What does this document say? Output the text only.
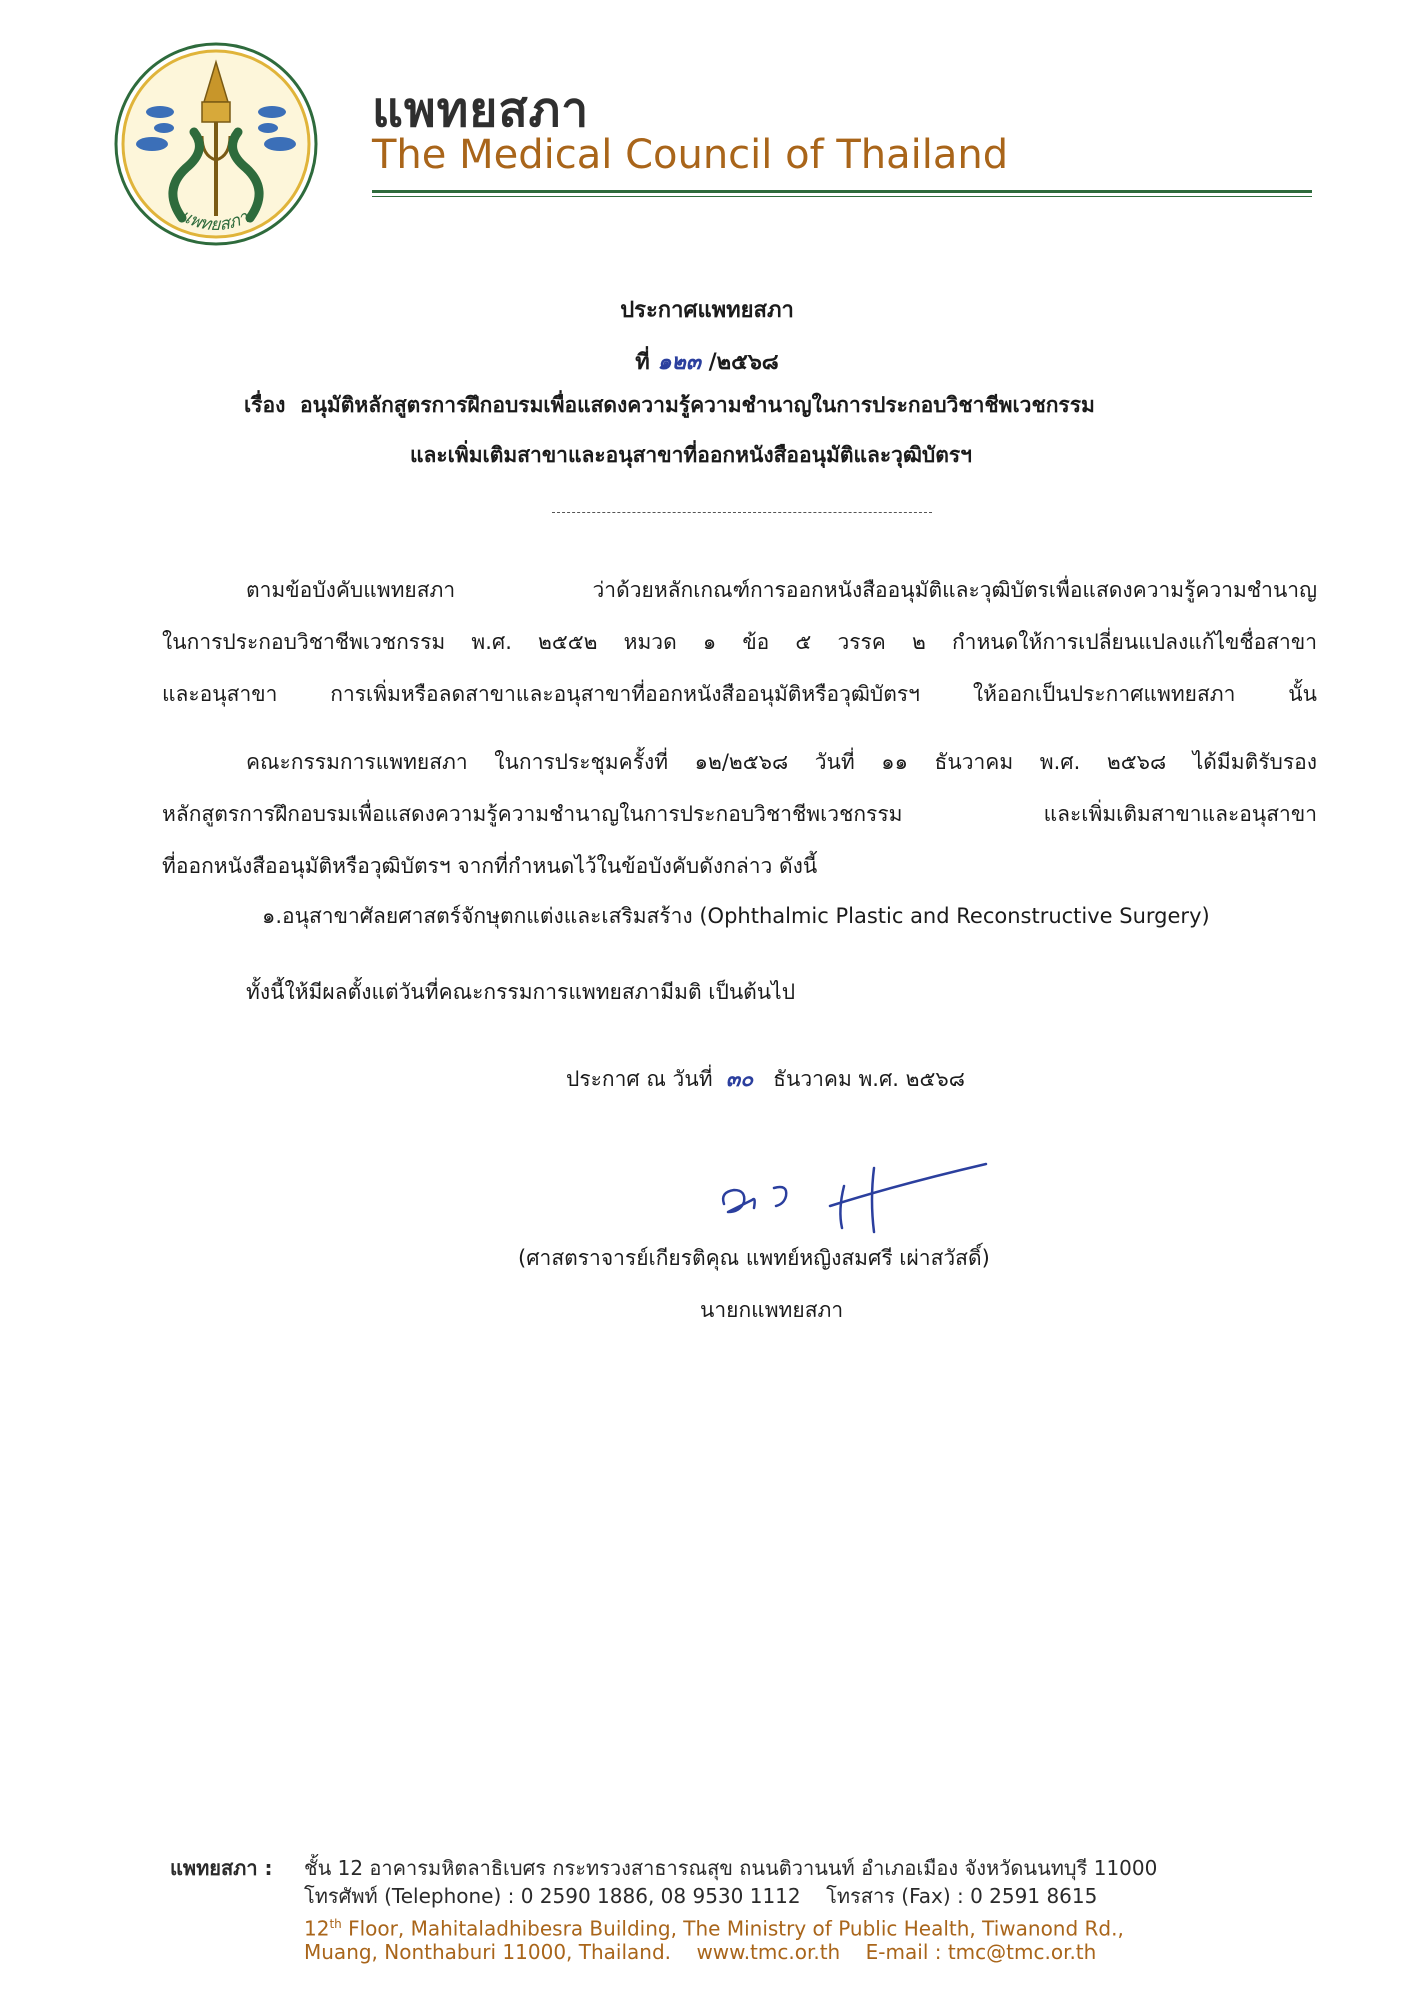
แพทยสภา
แพทยสภา
The Medical Council of Thailand
ประกาศแพทยสภา
ที่ ๑๒๓ /๒๕๖๘
เรื่อง อนุมัติหลักสูตรการฝึกอบรมเพื่อแสดงความรู้ความชำนาญในการประกอบวิชาชีพเวชกรรม
และเพิ่มเติมสาขาและอนุสาขาที่ออกหนังสืออนุมัติและวุฒิบัตรฯ
ตามข้อบังคับแพทยสภา ว่าด้วยหลักเกณฑ์การออกหนังสืออนุมัติและวุฒิบัตรเพื่อแสดงความรู้ความชำนาญ
ในการประกอบวิชาชีพเวชกรรม พ.ศ. ๒๕๕๒ หมวด ๑ ข้อ ๕ วรรค ๒ กำหนดให้การเปลี่ยนแปลงแก้ไขชื่อสาขา
และอนุสาขา การเพิ่มหรือลดสาขาและอนุสาขาที่ออกหนังสืออนุมัติหรือวุฒิบัตรฯ ให้ออกเป็นประกาศแพทยสภา นั้น
คณะกรรมการแพทยสภา ในการประชุมครั้งที่ ๑๒/๒๕๖๘ วันที่ ๑๑ ธันวาคม พ.ศ. ๒๕๖๘ ได้มีมติรับรอง
หลักสูตรการฝึกอบรมเพื่อแสดงความรู้ความชำนาญในการประกอบวิชาชีพเวชกรรม และเพิ่มเติมสาขาและอนุสาขา
ที่ออกหนังสืออนุมัติหรือวุฒิบัตรฯ จากที่กำหนดไว้ในข้อบังคับดังกล่าว ดังนี้
๑.อนุสาขาศัลยศาสตร์จักษุตกแต่งและเสริมสร้าง (Ophthalmic Plastic and Reconstructive Surgery)
ทั้งนี้ให้มีผลตั้งแต่วันที่คณะกรรมการแพทยสภามีมติ เป็นต้นไป
ประกาศ ณ วันที่ ๓๐ ธันวาคม พ.ศ. ๒๕๖๘
(ศาสตราจารย์เกียรติคุณ แพทย์หญิงสมศรี เผ่าสวัสดิ์)
นายกแพทยสภา
แพทยสภา : ชั้น 12 อาคารมหิตลาธิเบศร กระทรวงสาธารณสุข ถนนติวานนท์ อำเภอเมือง จังหวัดนนทบุรี 11000
โทรศัพท์ (Telephone) : 0 2590 1886, 08 9530 1112 โทรสาร (Fax) : 0 2591 8615
12th Floor, Mahitaladhibesra Building, The Ministry of Public Health, Tiwanond Rd.,
Muang, Nonthaburi 11000, Thailand. www.tmc.or.th E-mail : tmc@tmc.or.th
